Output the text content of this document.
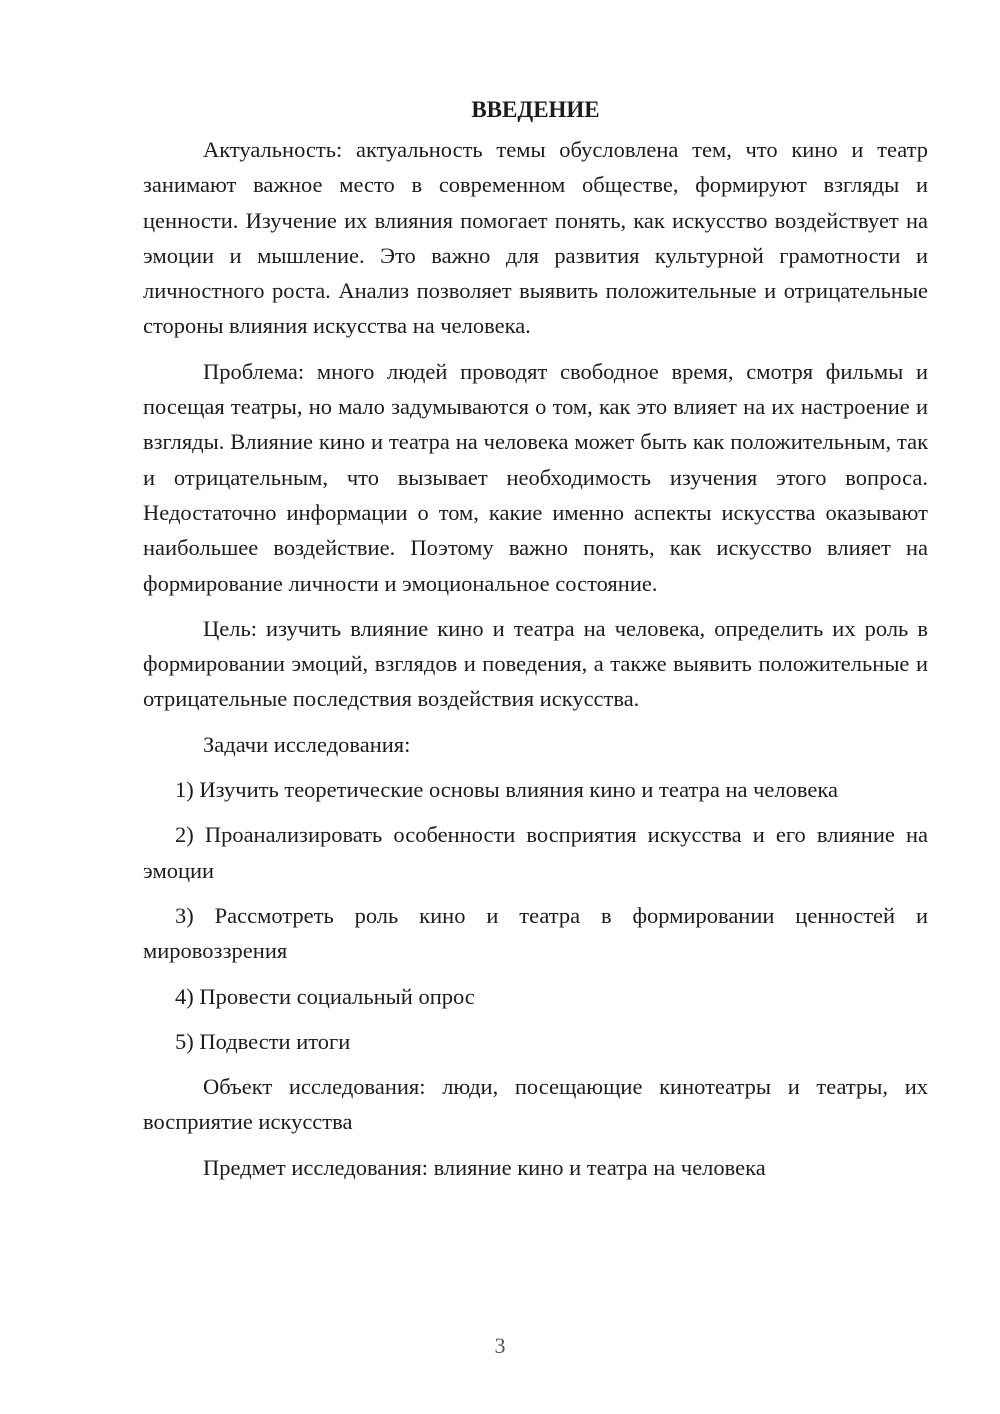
ВВЕДЕНИЕ

Актуальность: актуальность темы обусловлена тем, что кино и театр занимают важное место в современном обществе, формируют взгляды и ценности. Изучение их влияния помогает понять, как искусство воздействует на эмоции и мышление. Это важно для развития культурной грамотности и личностного роста. Анализ позволяет выявить положительные и отрицательные стороны влияния искусства на человека.

Проблема: много людей проводят свободное время, смотря фильмы и посещая театры, но мало задумываются о том, как это влияет на их настроение и взгляды. Влияние кино и театра на человека может быть как положительным, так и отрицательным, что вызывает необходимость изучения этого вопроса. Недостаточно информации о том, какие именно аспекты искусства оказывают наибольшее воздействие. Поэтому важно понять, как искусство влияет на формирование личности и эмоциональное состояние.

Цель: изучить влияние кино и театра на человека, определить их роль в формировании эмоций, взглядов и поведения, а также выявить положительные и отрицательные последствия воздействия искусства.

Задачи исследования:

1) Изучить теоретические основы влияния кино и театра на человека

2) Проанализировать особенности восприятия искусства и его влияние на эмоции

3) Рассмотреть роль кино и театра в формировании ценностей и мировоззрения

4) Провести социальный опрос

5) Подвести итоги

Объект исследования: люди, посещающие кинотеатры и театры, их восприятие искусства

Предмет исследования: влияние кино и театра на человека

3
